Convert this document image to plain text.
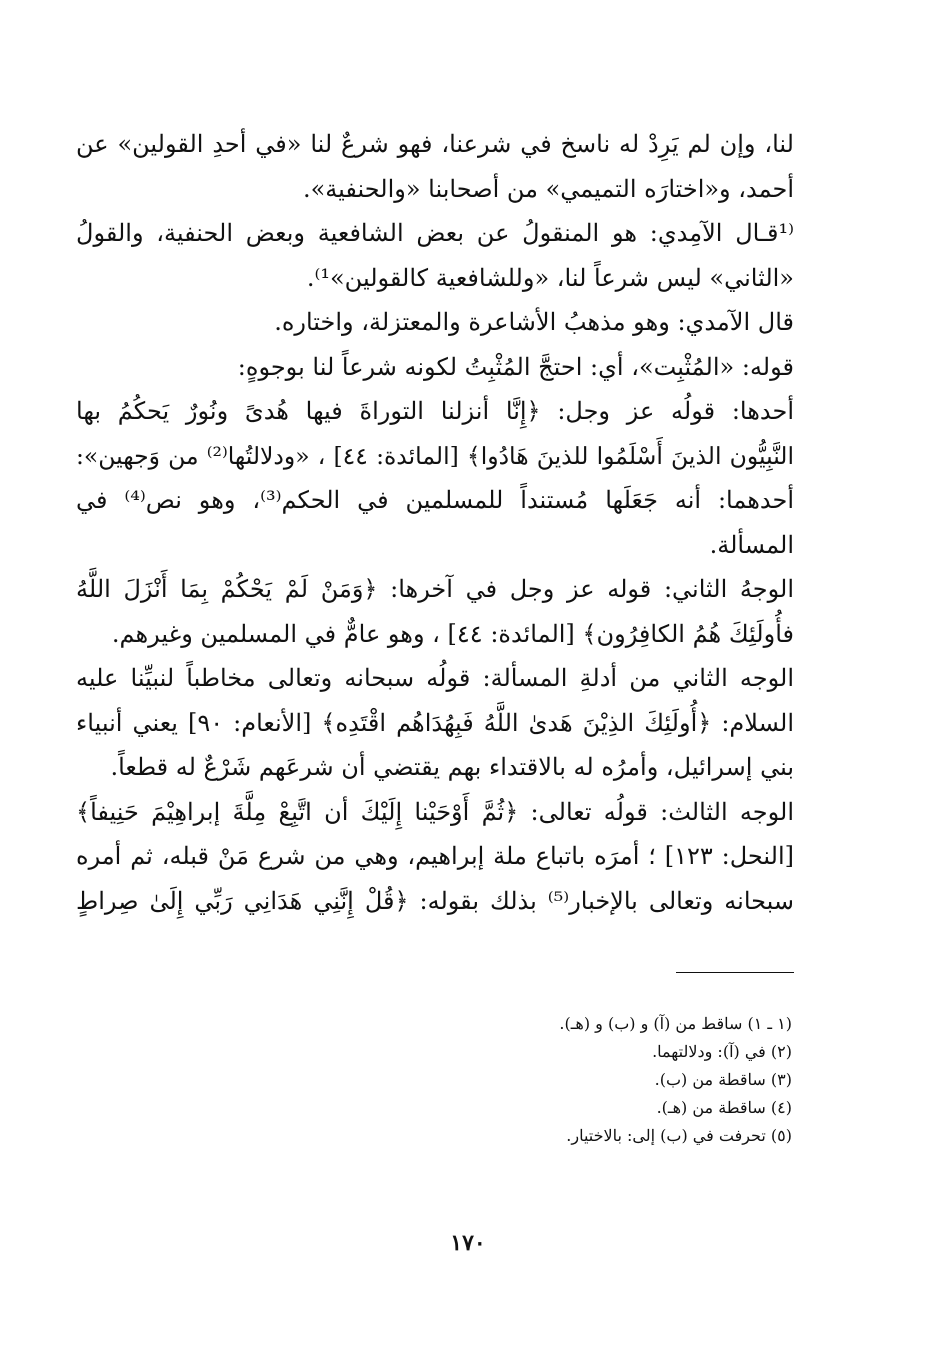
لنا، وإن لم يَرِدْ له ناسخ في شرعنا، فهو شرعٌ لنا «في أحدِ القولين» عن
أحمد، و«اختارَه التميمي» من أصحابنا «والحنفية».
⁽¹قـال الآمِدي: هو المنقولُ عن بعض الشافعية وبعض الحنفية، والقولُ
«الثاني» ليس شرعاً لنا، «وللشافعية كالقولين»¹⁾.
قال الآمدي: وهو مذهبُ الأشاعرة والمعتزلة، واختاره.
قوله: «المُثْبِت»، أي: احتجَّ المُثْبِتُ لكونه شرعاً لنا بوجوهٍ:
أحدها: قولُه عز وجل: ﴿إِنَّا أنزلنا التوراةَ فيها هُدىً ونُورٌ يَحكُمُ بها
النَّبِيُّون الذينَ أَسْلَمُوا للذينَ هَادُوا﴾ [المائدة: ٤٤] ، «ودلالتُها⁽²⁾ من وَجهين»:
أحدهما: أنه جَعَلَها مُستنداً للمسلمين في الحكم⁽³⁾، وهو نص⁽⁴⁾ في
المسألة.
الوجهُ الثاني: قوله عز وجل في آخرها: ﴿وَمَنْ لَمْ يَحْكُمْ بِمَا أَنْزَلَ اللَّهُ
فأُولَئِكَ هُمُ الكافِرُون﴾ [المائدة: ٤٤] ، وهو عامٌّ في المسلمين وغيرهم.
الوجه الثاني من أدلةِ المسألة: قولُه سبحانه وتعالى مخاطباً لنبيِّنا عليه
السلام: ﴿أُولَئِكَ الذِيْنَ هَدىٰ اللَّهُ فَبِهُدَاهُم اقْتَدِه﴾ [الأنعام: ٩٠] يعني أنبياء
بني إسرائيل، وأمرُه له بالاقتداء بهم يقتضي أن شرعَهم شَرْعٌ له قطعاً.
الوجه الثالث: قولُه تعالى: ﴿ثُمَّ أَوْحَيْنا إِلَيْكَ أن اتَّبِعْ مِلَّةَ إبراهِيْمَ حَنِيفاً﴾
[النحل: ١٢٣] ؛ أمرَه باتباع ملة إبراهيم، وهي من شرع مَنْ قبله، ثم أمره
سبحانه وتعالى بالإخبار⁽⁵⁾ بذلك بقوله: ﴿قُلْ إِنَّنِي هَدَانِي رَبِّي إِلَىٰ صِراطٍ
(١ ـ ١) ساقط من (آ) و (ب) و (هـ).
(٢) في (آ): ودلالتهما.
(٣) ساقطة من (ب).
(٤) ساقطة من (هـ).
(٥) تحرفت في (ب) إلى: بالاختيار.
١٧٠
